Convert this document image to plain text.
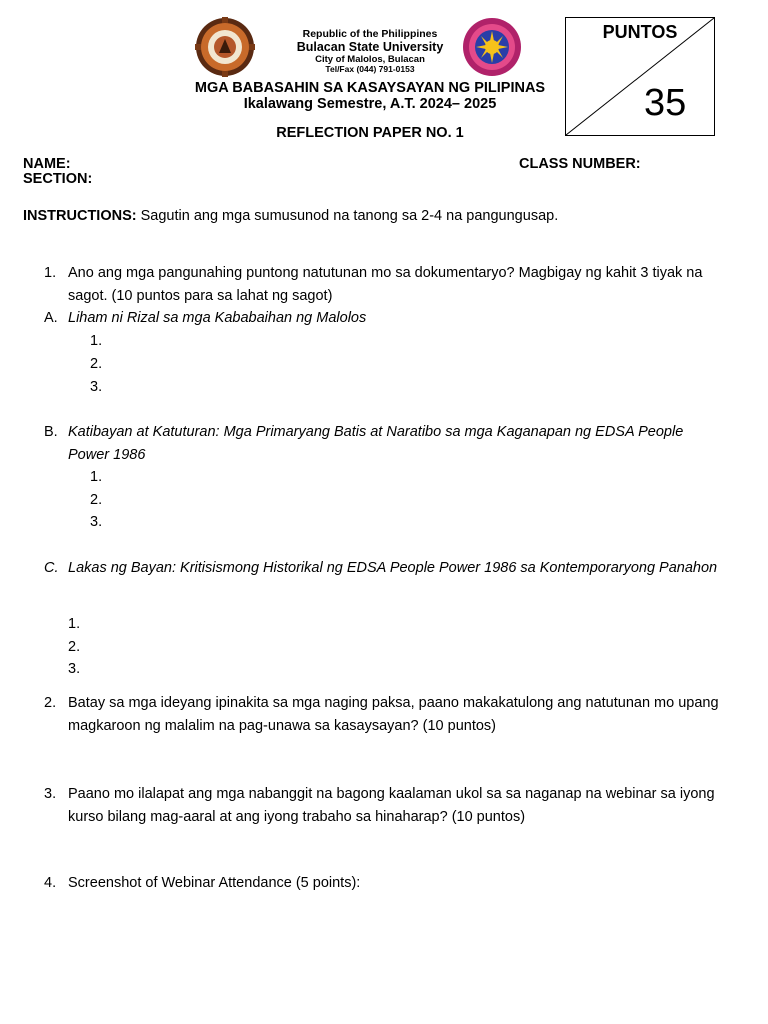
Republic of the Philippines
Bulacan State University
City of Malolos, Bulacan
Tel/Fax (044) 791-0153
PUNTOS
35
MGA BABASAHIN SA KASAYSAYAN NG PILIPINAS
Ikalawang Semestre, A.T. 2024– 2025
REFLECTION PAPER NO. 1
NAME:	CLASS NUMBER:
SECTION:
INSTRUCTIONS: Sagutin ang mga sumusunod na tanong sa 2-4 na pangungusap.
1. Ano ang mga pangunahing puntong natutunan mo sa dokumentaryo? Magbigay ng kahit 3 tiyak na sagot. (10 puntos para sa lahat ng sagot)
A. Liham ni Rizal sa mga Kababaihan ng Malolos
1.
2.
3.
B. Katibayan at Katuturan: Mga Primaryang Batis at Naratibo sa mga Kaganapan ng EDSA People Power 1986
1.
2.
3.
C. Lakas ng Bayan: Kritisismong Historikal ng EDSA People Power 1986 sa Kontemporaryong Panahon
1.
2.
3.
2. Batay sa mga ideyang ipinakita sa mga naging paksa, paano makakatulong ang natutunan mo upang magkaroon ng malalim na pag-unawa sa kasaysayan? (10 puntos)
3. Paano mo ilalapat ang mga nabanggit na bagong kaalaman ukol sa sa naganap na webinar sa iyong kurso bilang mag-aaral at ang iyong trabaho sa hinaharap? (10 puntos)
4. Screenshot of Webinar Attendance (5 points):
